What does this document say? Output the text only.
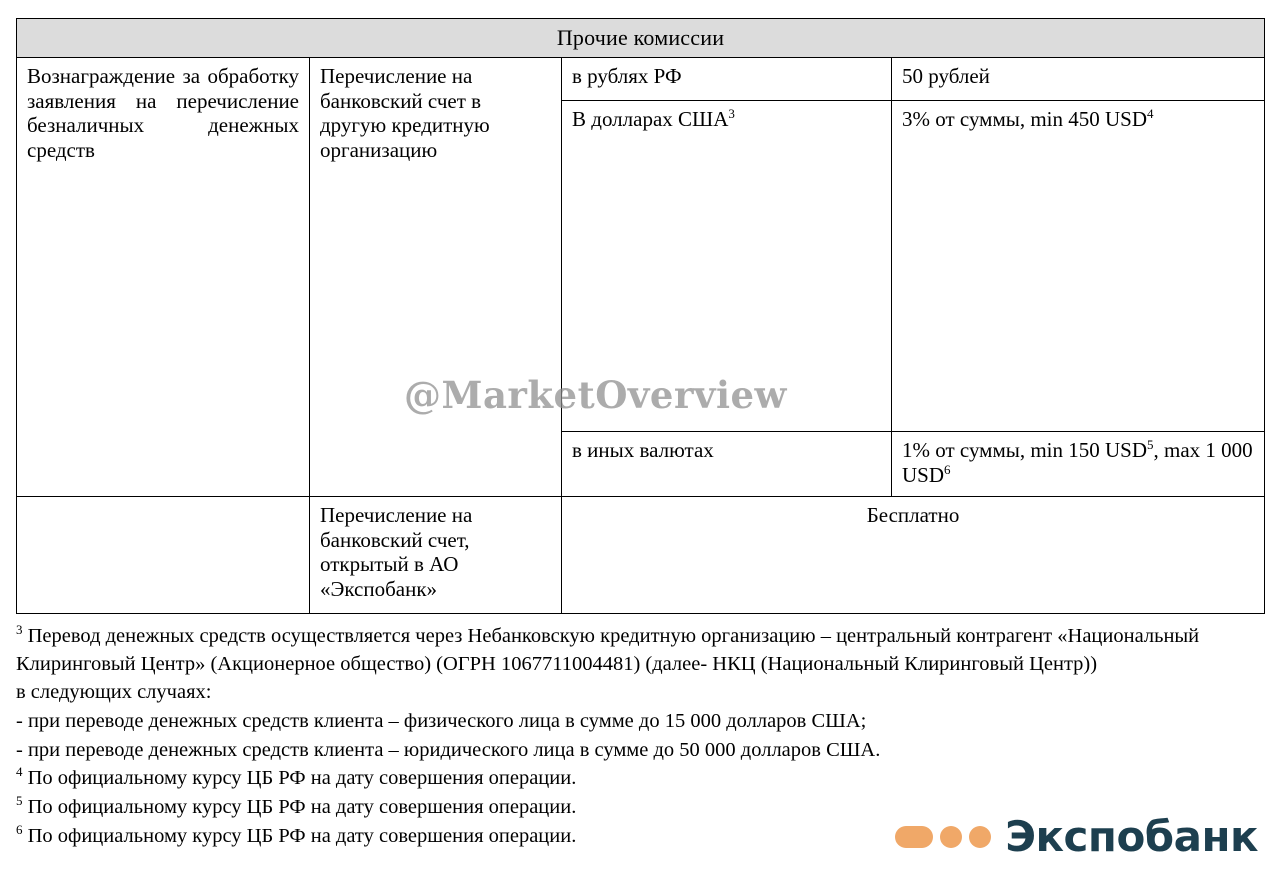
Прочие комиссии			
Вознаграждение за обработку заявления на перечисление безналичных денежных средств	Перечисление на банковский счет в другую кредитную организацию	в рублях РФ	50 рублей
		В долларах США$^3$	3% от суммы, min 450 USD$^4$
		в иных валютах	1% от суммы, min 150 USD$^5$, max 1 000 USD$^6$
	Перечисление на банковский счет, открытый в АО «Экспобанк»	Бесплатно	
@MarketOverview

$^3$ Перевод денежных средств осуществляется через Небанковскую кредитную организацию – центральный контрагент «Национальный Клиринговый Центр» (Акционерное общество) (ОГРН 1067711004481) (далее- НКЦ (Национальный Клиринговый Центр))

в следующих случаях:

- при переводе денежных средств клиента – физического лица в сумме до 15 000 долларов США;

- при переводе денежных средств клиента – юридического лица в сумме до 50 000 долларов США.

$^4$ По официальному курсу ЦБ РФ на дату совершения операции.

$^5$ По официальному курсу ЦБ РФ на дату совершения операции.

$^6$ По официальному курсу ЦБ РФ на дату совершения операции.	Экспобанк
